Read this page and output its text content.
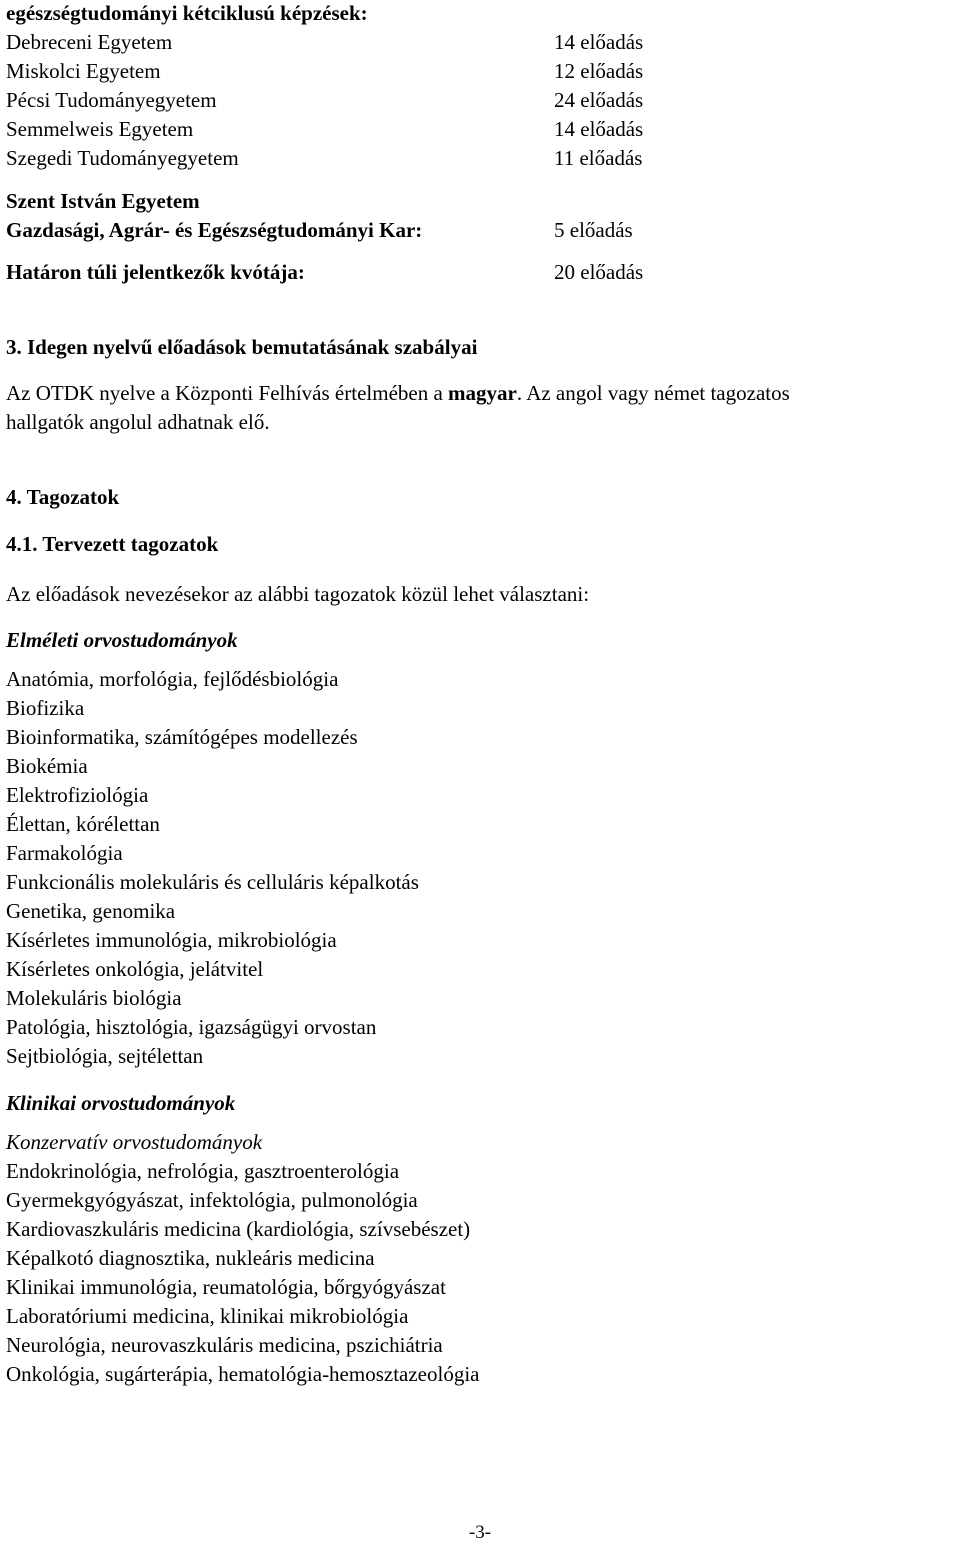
egészségtudományi kétciklusú képzések:
Debreceni Egyetem	14 előadás
Miskolci Egyetem	12 előadás
Pécsi Tudományegyetem	24 előadás
Semmelweis Egyetem	14 előadás
Szegedi Tudományegyetem	11 előadás
Szent István Egyetem
Gazdasági, Agrár- és Egészségtudományi Kar:	5 előadás
Határon túli jelentkezők kvótája:	20 előadás
3. Idegen nyelvű előadások bemutatásának szabályai
Az OTDK nyelve a Központi Felhívás értelmében a magyar. Az angol vagy német tagozatos
hallgatók angolul adhatnak elő.
4. Tagozatok
4.1. Tervezett tagozatok
Az előadások nevezésekor az alábbi tagozatok közül lehet választani:
Elméleti orvostudományok
Anatómia, morfológia, fejlődésbiológia
Biofizika
Bioinformatika, számítógépes modellezés
Biokémia
Elektrofiziológia
Élettan, kórélettan
Farmakológia
Funkcionális molekuláris és celluláris képalkotás
Genetika, genomika
Kísérletes immunológia, mikrobiológia
Kísérletes onkológia, jelátvitel
Molekuláris biológia
Patológia, hisztológia, igazságügyi orvostan
Sejtbiológia, sejtélettan
Klinikai orvostudományok
Konzervatív orvostudományok
Endokrinológia, nefrológia, gasztroenterológia
Gyermekgyógyászat, infektológia, pulmonológia
Kardiovaszkuláris medicina (kardiológia, szívsebészet)
Képalkotó diagnosztika, nukleáris medicina
Klinikai immunológia, reumatológia, bőrgyógyászat
Laboratóriumi medicina, klinikai mikrobiológia
Neurológia, neurovaszkuláris medicina, pszichiátria
Onkológia, sugárterápia, hematológia-hemosztazeológia
-3-
